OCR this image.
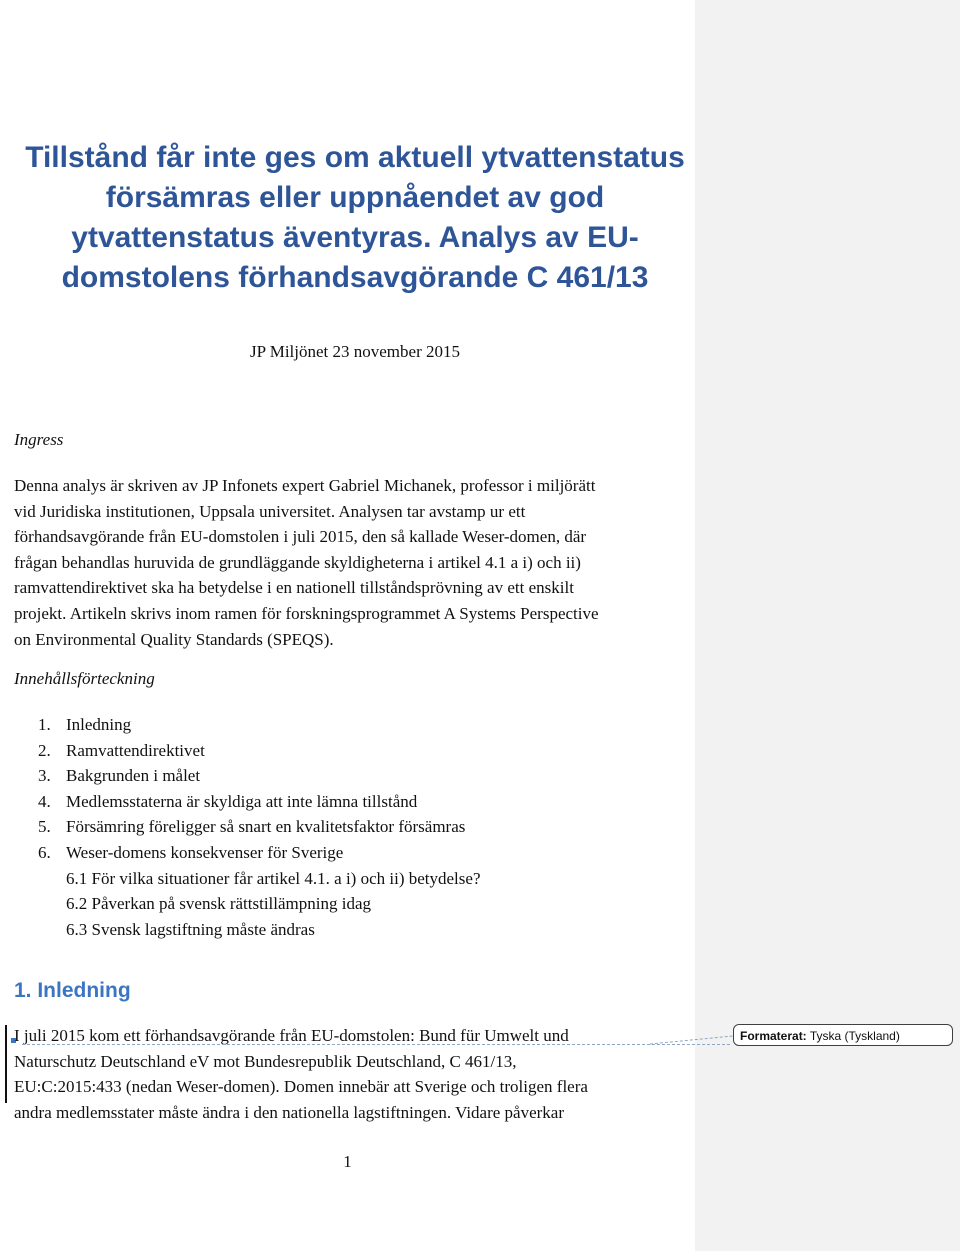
Tillstånd får inte ges om aktuell ytvattenstatus
försämras eller uppnåendet av god
ytvattenstatus äventyras. Analys av EU-
domstolens förhandsavgörande C 461/13
JP Miljönet 23 november 2015
Ingress
Denna analys är skriven av JP Infonets expert Gabriel Michanek, professor i miljörätt
vid Juridiska institutionen, Uppsala universitet. Analysen tar avstamp ur ett
förhandsavgörande från EU-domstolen i juli 2015, den så kallade Weser-domen, där
frågan behandlas huruvida de grundläggande skyldigheterna i artikel 4.1 a i) och ii)
ramvattendirektivet ska ha betydelse i en nationell tillståndsprövning av ett enskilt
projekt. Artikeln skrivs inom ramen för forskningsprogrammet A Systems Perspective
on Environmental Quality Standards (SPEQS).
Innehållsförteckning
1. Inledning
2. Ramvattendirektivet
3. Bakgrunden i målet
4. Medlemsstaterna är skyldiga att inte lämna tillstånd
5. Försämring föreligger så snart en kvalitetsfaktor försämras
6. Weser-domens konsekvenser för Sverige
6.1 För vilka situationer får artikel 4.1. a i) och ii) betydelse?
6.2 Påverkan på svensk rättstillämpning idag
6.3 Svensk lagstiftning måste ändras
1. Inledning
I juli 2015 kom ett förhandsavgörande från EU-domstolen: Bund für Umwelt und
Naturschutz Deutschland eV mot Bundesrepublik Deutschland, C 461/13,
EU:C:2015:433 (nedan Weser-domen). Domen innebär att Sverige och troligen flera
andra medlemsstater måste ändra i den nationella lagstiftningen. Vidare påverkar
1
Formaterat: Tyska (Tyskland)
